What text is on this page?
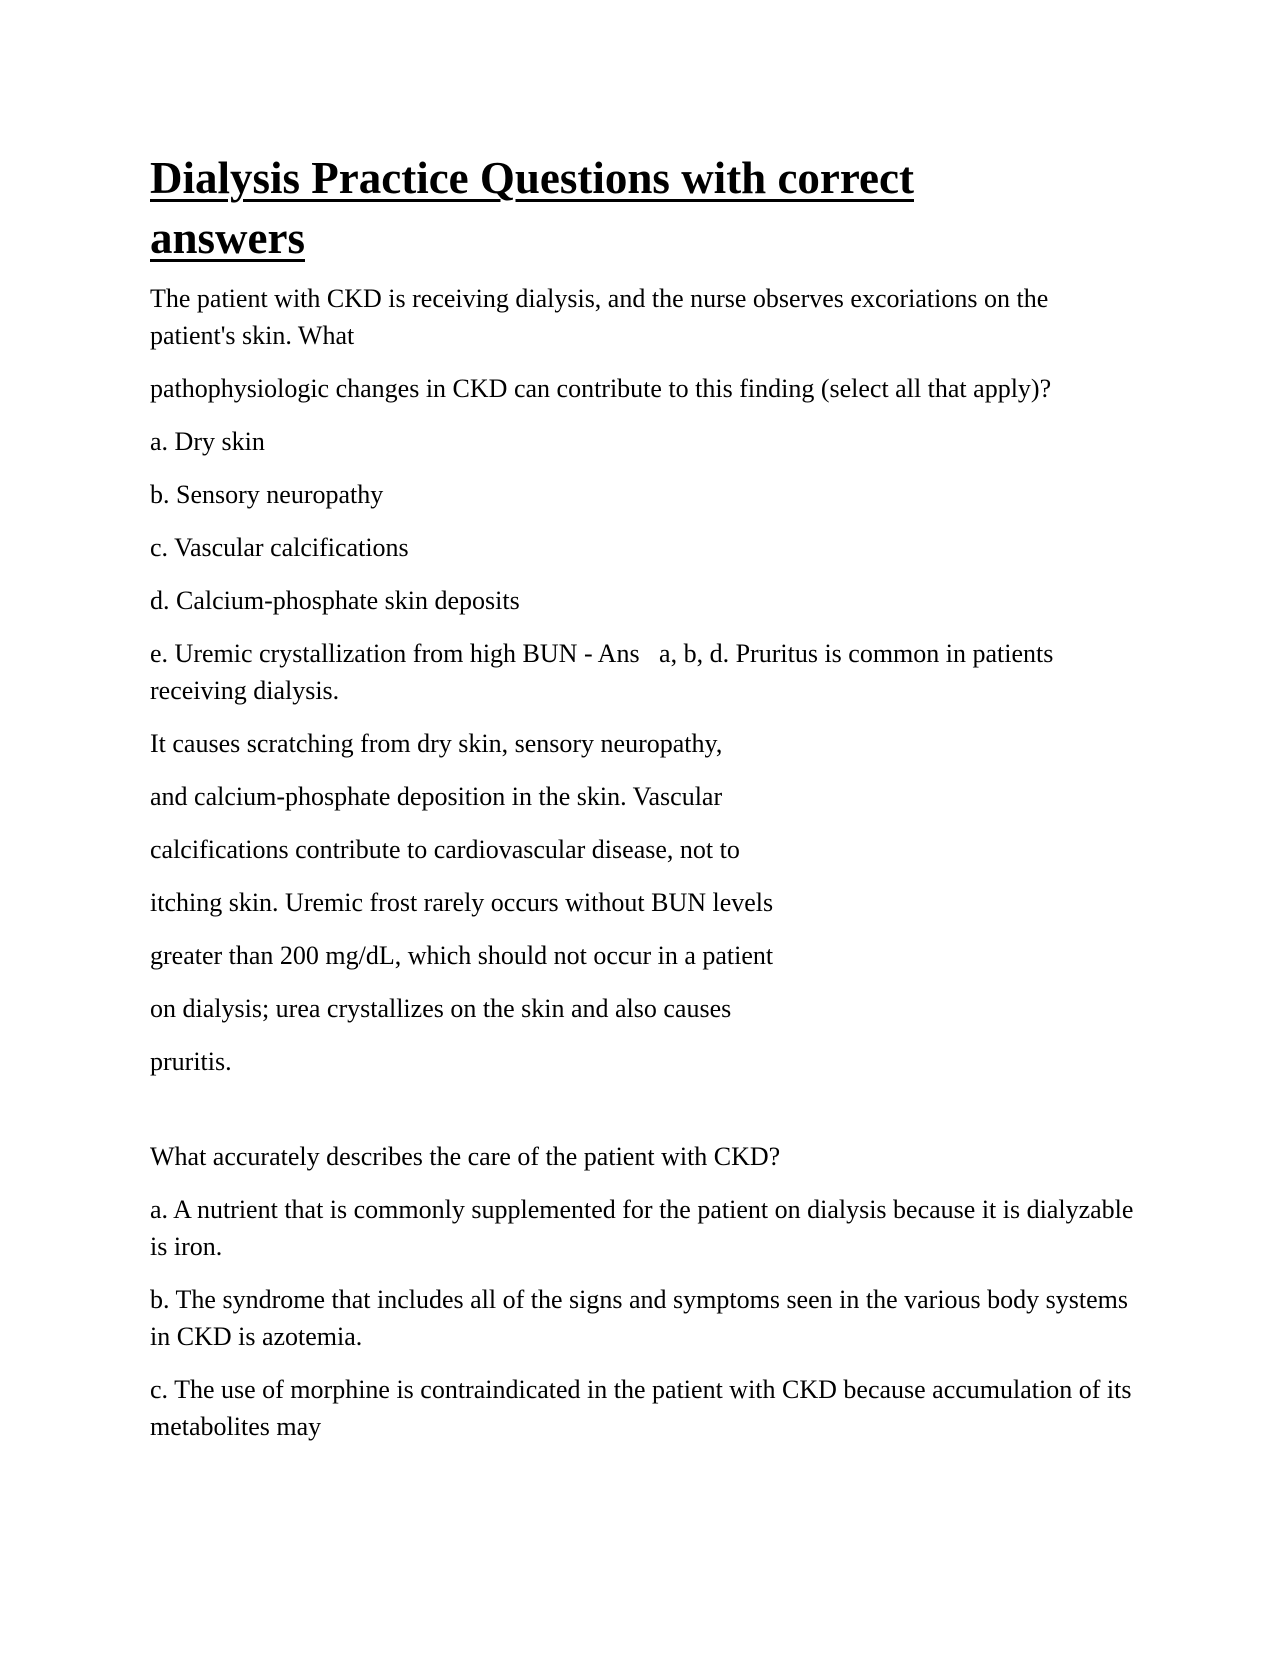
Dialysis Practice Questions with correct answers

The patient with CKD is receiving dialysis, and the nurse observes excoriations on the patient's skin. What

pathophysiologic changes in CKD can contribute to this finding (select all that apply)?

a. Dry skin

b. Sensory neuropathy

c. Vascular calcifications

d. Calcium-phosphate skin deposits

e. Uremic crystallization from high BUN - Ans   a, b, d. Pruritus is common in patients receiving dialysis.

It causes scratching from dry skin, sensory neuropathy,

and calcium-phosphate deposition in the skin. Vascular

calcifications contribute to cardiovascular disease, not to

itching skin. Uremic frost rarely occurs without BUN levels

greater than 200 mg/dL, which should not occur in a patient

on dialysis; urea crystallizes on the skin and also causes

pruritis.

What accurately describes the care of the patient with CKD?

a. A nutrient that is commonly supplemented for the patient on dialysis because it is dialyzable is iron.

b. The syndrome that includes all of the signs and symptoms seen in the various body systems in CKD is azotemia.

c. The use of morphine is contraindicated in the patient with CKD because accumulation of its metabolites may
